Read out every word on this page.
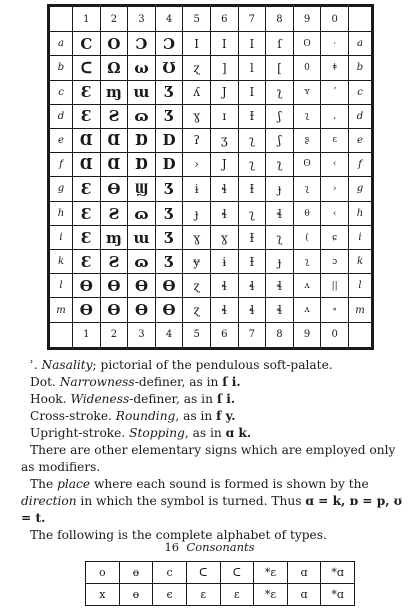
	1	2	3	4	5	6	7	8	9	0	
a	C	O	Ɔ	Ɔ	I	I	I	ſ	O	·	a
b	ᑕ	Ω	ω	Ʊ	ɀ	]	l	[	0	ǂ	b
c	Ɛ	ɱ	ɯ	Ʒ	ʎ	J	I	ʅ	ʏ	ʼ	c
d	Ɛ	Ƨ	ɷ	Ʒ	ɣ	ɪ	Ɨ	ʃ	ʅ	,	d
e	Ɑ	Ɑ	Ɒ	D	ʔ	ʒ	ʅ	ʃ	ʂ	ɛ	e
f	Ɑ	Ɑ	Ɒ	D	›	J	ʅ	ʅ	ʘ	‹	f
g	Ɛ	Ɵ	Ϣ	Ʒ	ɨ	ɬ	Ɨ	ɟ	ʅ	›	g
h	Ɛ	Ƨ	ɷ	Ʒ	ɟ	ɬ	ʅ	ɬ	θ	‹	h
i	Ɛ	ɱ	ɯ	Ʒ	ɣ	ɣ	Ɨ	ʅ	(	ɕ	i
k	Ɛ	Ƨ	ɷ	Ʒ	ɏ	ɨ	Ɨ	ɟ	ʅ	ɔ	k
l	Ɵ	Ɵ	Ɵ	Ɵ	ɀ	ɬ	ɬ	ɬ	ʌ	||	l
m	Ɵ	Ɵ	Ɵ	Ɵ	ɀ	ɬ	ɬ	ɬ	ʌ	∘	m
	1	2	3	4	5	6	7	8	9	0	

ʾ. Nasality; pictorial of the pendulous soft-palate.

Dot. Narrowness-definer, as in ſ i.

Hook. Wideness-definer, as in ſ i.

Cross-stroke. Rounding, as in f y.

Upright-stroke. Stopping, as in ɑ k.

There are other elementary signs which are employed only as modifiers.

The place where each sound is formed is shown by the direction in which the symbol is turned. Thus ɑ = k, ɒ = p, ʊ = t.

The following is the complete alphabet of types.

16 Consonants
o	ɵ	c	ᑕ	ᑕ	*ɛ	ɑ	*ɑ
x	ɵ	є	ɛ	ɛ	*ɛ	ɑ	*ɑ
